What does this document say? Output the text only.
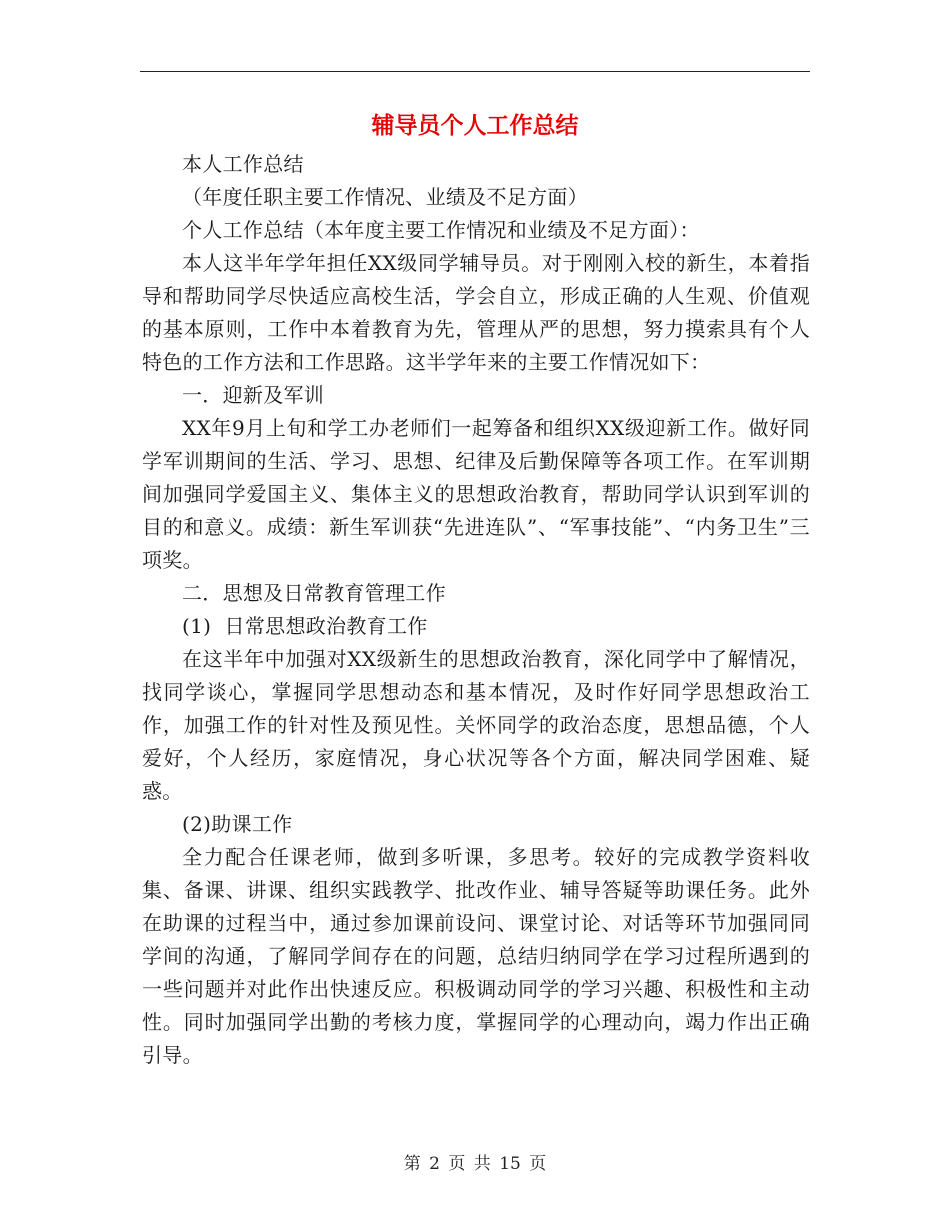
辅导员个人工作总结

本人工作总结

（年度任职主要工作情况、业绩及不足方面）

个人工作总结（本年度主要工作情况和业绩及不足方面）：

本人这半年学年担任XX级同学辅导员。对于刚刚入校的新生，本着指导和帮助同学尽快适应高校生活，学会自立，形成正确的人生观、价值观的基本原则，工作中本着教育为先，管理从严的思想，努力摸索具有个人特色的工作方法和工作思路。这半学年来的主要工作情况如下：

一．迎新及军训

XX年9月上旬和学工办老师们一起筹备和组织XX级迎新工作。做好同学军训期间的生活、学习、思想、纪律及后勤保障等各项工作。在军训期间加强同学爱国主义、集体主义的思想政治教育，帮助同学认识到军训的目的和意义。成绩：新生军训获“先进连队”、“军事技能”、“内务卫生”三项奖。

二．思想及日常教育管理工作

(1)  日常思想政治教育工作

在这半年中加强对XX级新生的思想政治教育，深化同学中了解情况，找同学谈心，掌握同学思想动态和基本情况，及时作好同学思想政治工作，加强工作的针对性及预见性。关怀同学的政治态度，思想品德，个人爱好，个人经历，家庭情况，身心状况等各个方面，解决同学困难、疑惑。

(2)助课工作

全力配合任课老师，做到多听课，多思考。较好的完成教学资料收集、备课、讲课、组织实践教学、批改作业、辅导答疑等助课任务。此外在助课的过程当中，通过参加课前设问、课堂讨论、对话等环节加强同同学间的沟通，了解同学间存在的问题，总结归纳同学在学习过程所遇到的一些问题并对此作出快速反应。积极调动同学的学习兴趣、积极性和主动性。同时加强同学出勤的考核力度，掌握同学的心理动向，竭力作出正确引导。

第 2 页 共 15 页
